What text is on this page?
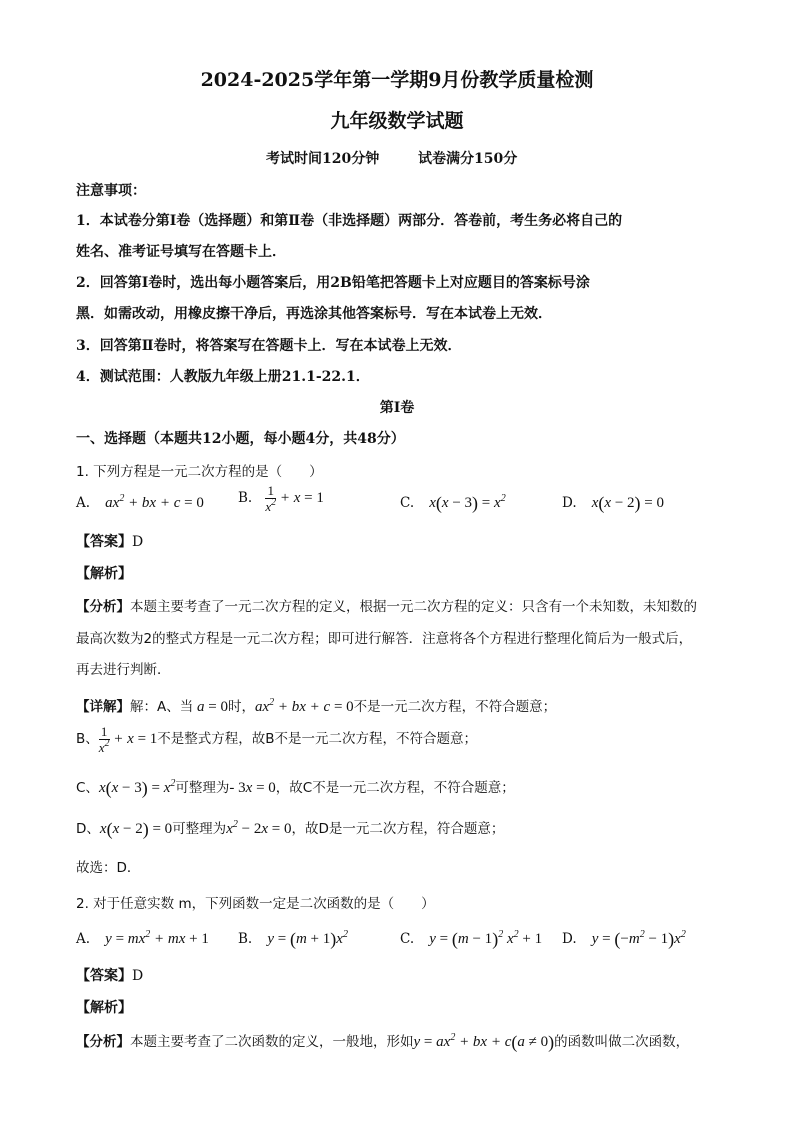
2024-2025学年第一学期9月份教学质量检测
九年级数学试题
考试时间120分钟	试卷满分150分
注意事项：
1．本试卷分第Ⅰ卷（选择题）和第Ⅱ卷（非选择题）两部分．答卷前，考生务必将自己的
姓名、准考证号填写在答题卡上．
2．回答第Ⅰ卷时，选出每小题答案后，用2B铅笔把答题卡上对应题目的答案标号涂
黑．如需改动，用橡皮擦干净后，再选涂其他答案标号．写在本试卷上无效．
3．回答第Ⅱ卷时，将答案写在答题卡上．写在本试卷上无效．
4．测试范围：人教版九年级上册21.1-22.1．
第Ⅰ卷
一、选择题（本题共12小题，每小题4分，共48分）
1. 下列方程是一元二次方程的是（　　）
A. $ax^2$ + bx + c = 0	B. $\frac{1}{x^2} + x = 1$	C. $x(x - 3) = x^2$	D. x(x − 2) = 0
【答案】D
【解析】
【分析】本题主要考查了一元二次方程的定义，根据一元二次方程的定义：只含有一个未知数，未知数的
最高次数为2的整式方程是一元二次方程；即可进行解答．注意将各个方程进行整理化简后为一般式后，
再去进行判断．
【详解】解：A、当 a = 0时，$ax^2$ + bx + c = 0不是一元二次方程，不符合题意；
B、 $\frac{1}{x^2} + x = 1$不是整式方程，故B不是一元二次方程，不符合题意；
C、$x(x - 3) = x^2$可整理为- 3x = 0，故C不是一元二次方程，不符合题意；
D、x(x − 2) = 0可整理为$x^2 - 2x = 0$，故D是一元二次方程，符合题意；
故选：D．
2. 对于任意实数 m，下列函数一定是二次函数的是（　　）
A. $y = mx^2$ + mx + 1 B. $y = (m + 1)x^2$	C. $y = (m - 1)^2$ $x^2 + 1$ D. $y = (-m^2 - 1)x^2$
【答案】D
【解析】
【分析】本题主要考查了二次函数的定义，一般地，形如$y = ax^2$ + bx + c(a ≠ 0)的函数叫做二次函数，
